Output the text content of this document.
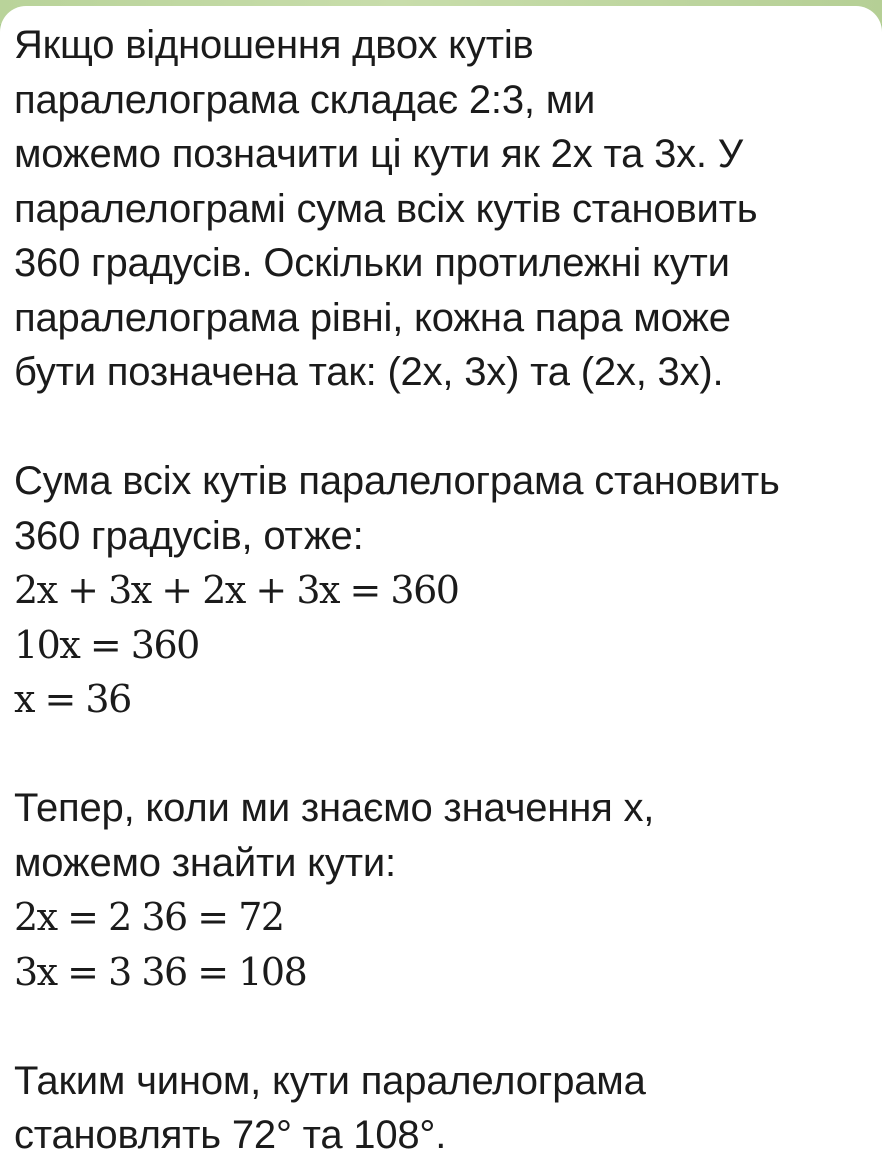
Якщо відношення двох кутів
паралелограма складає 2:3, ми
можемо позначити ці кути як 2x та 3x. У
паралелограмі сума всіх кутів становить
360 градусів. Оскільки протилежні кути
паралелограма рівні, кожна пара може
бути позначена так: (2x, 3x) та (2x, 3x).
Сума всіх кутів паралелограма становить
360 градусів, отже:
2x + 3x + 2x + 3x = 360
10x = 360
x = 36
Тепер, коли ми знаємо значення x,
можемо знайти кути:
2x = 2 36 = 72
3x = 3 36 = 108
Таким чином, кути паралелограма
становлять 72° та 108°.
